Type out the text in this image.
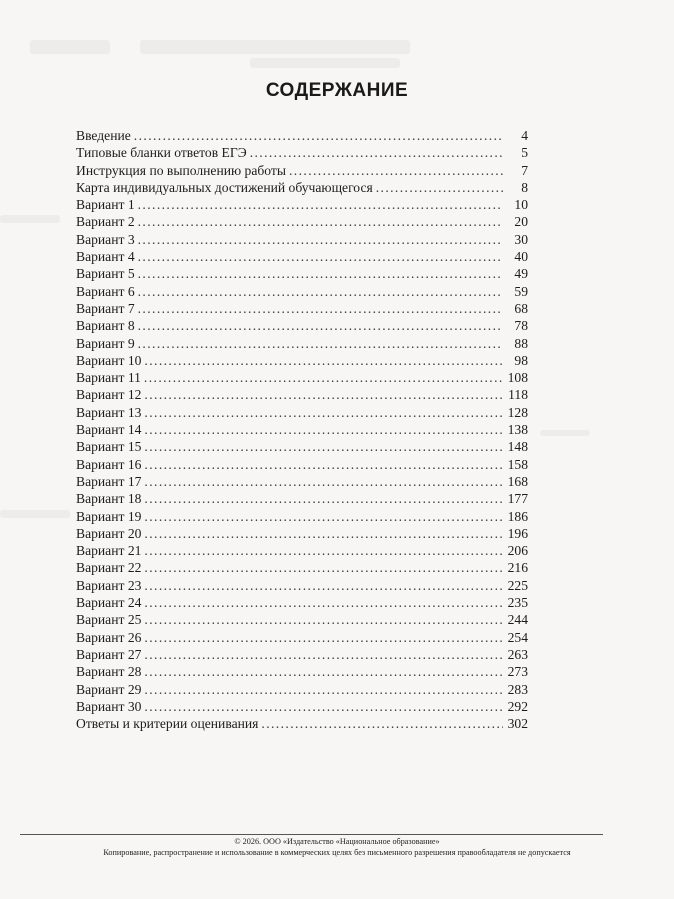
СОДЕРЖАНИЕ
Введение . . .	4
Типовые бланки ответов ЕГЭ . . .	5
Инструкция по выполнению работы . . .	7
Карта индивидуальных достижений обучающегося . . .	8
Вариант 1 . . .	10
Вариант 2 . . .	20
Вариант 3 . . .	30
Вариант 4 . . .	40
Вариант 5 . . .	49
Вариант 6 . . .	59
Вариант 7 . . .	68
Вариант 8 . . .	78
Вариант 9 . . .	88
Вариант 10 . . .	98
Вариант 11 . . .	108
Вариант 12 . . .	118
Вариант 13 . . .	128
Вариант 14 . . .	138
Вариант 15 . . .	148
Вариант 16 . . .	158
Вариант 17 . . .	168
Вариант 18 . . .	177
Вариант 19 . . .	186
Вариант 20 . . .	196
Вариант 21 . . .	206
Вариант 22 . . .	216
Вариант 23 . . .	225
Вариант 24 . . .	235
Вариант 25 . . .	244
Вариант 26 . . .	254
Вариант 27 . . .	263
Вариант 28 . . .	273
Вариант 29 . . .	283
Вариант 30 . . .	292
Ответы и критерии оценивания . . .	302
© 2026. ООО «Издательство «Национальное образование»
Копирование, распространение и использование в коммерческих целях без письменного разрешения правообладателя не допускается
